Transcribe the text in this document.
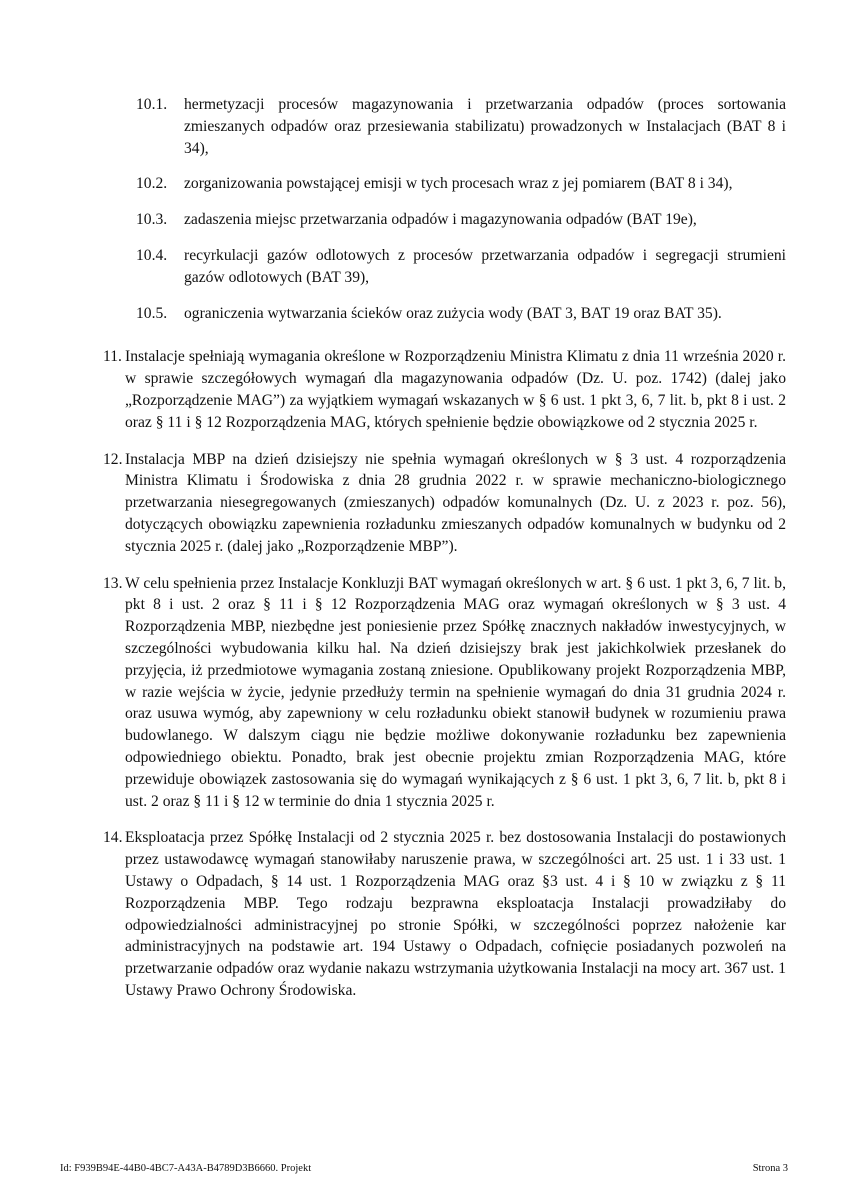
10.1. hermetyzacji procesów magazynowania i przetwarzania odpadów (proces sortowania zmieszanych odpadów oraz przesiewania stabilizatu) prowadzonych w Instalacjach (BAT 8 i 34),
10.2. zorganizowania powstającej emisji w tych procesach wraz z jej pomiarem (BAT 8 i 34),
10.3. zadaszenia miejsc przetwarzania odpadów i magazynowania odpadów (BAT 19e),
10.4. recyrkulacji gazów odlotowych z procesów przetwarzania odpadów i segregacji strumieni gazów odlotowych (BAT 39),
10.5. ograniczenia wytwarzania ścieków oraz zużycia wody (BAT 3, BAT 19 oraz BAT 35).
11. Instalacje spełniają wymagania określone w Rozporządzeniu Ministra Klimatu z dnia 11 września 2020 r. w sprawie szczegółowych wymagań dla magazynowania odpadów (Dz. U. poz. 1742) (dalej jako „Rozporządzenie MAG”) za wyjątkiem wymagań wskazanych w § 6 ust. 1 pkt 3, 6, 7 lit. b, pkt 8 i ust. 2 oraz § 11 i § 12 Rozporządzenia MAG, których spełnienie będzie obowiązkowe od 2 stycznia 2025 r.
12. Instalacja MBP na dzień dzisiejszy nie spełnia wymagań określonych w § 3 ust. 4 rozporządzenia Ministra Klimatu i Środowiska z dnia 28 grudnia 2022 r. w sprawie mechaniczno-biologicznego przetwarzania niesegregowanych (zmieszanych) odpadów komunalnych (Dz. U. z 2023 r. poz. 56), dotyczących obowiązku zapewnienia rozładunku zmieszanych odpadów komunalnych w budynku od 2 stycznia 2025 r. (dalej jako „Rozporządzenie MBP”).
13. W celu spełnienia przez Instalacje Konkluzji BAT wymagań określonych w art. § 6 ust. 1 pkt 3, 6, 7 lit. b, pkt 8 i ust. 2 oraz § 11 i § 12 Rozporządzenia MAG oraz wymagań określonych w § 3 ust. 4 Rozporządzenia MBP, niezbędne jest poniesienie przez Spółkę znacznych nakładów inwestycyjnych, w szczególności wybudowania kilku hal. Na dzień dzisiejszy brak jest jakichkolwiek przesłanek do przyjęcia, iż przedmiotowe wymagania zostaną zniesione. Opublikowany projekt Rozporządzenia MBP, w razie wejścia w życie, jedynie przedłuży termin na spełnienie wymagań do dnia 31 grudnia 2024 r. oraz usuwa wymóg, aby zapewniony w celu rozładunku obiekt stanowił budynek w rozumieniu prawa budowlanego. W dalszym ciągu nie będzie możliwe dokonywanie rozładunku bez zapewnienia odpowiedniego obiektu. Ponadto, brak jest obecnie projektu zmian Rozporządzenia MAG, które przewiduje obowiązek zastosowania się do wymagań wynikających z § 6 ust. 1 pkt 3, 6, 7 lit. b, pkt 8 i ust. 2 oraz § 11 i § 12 w terminie do dnia 1 stycznia 2025 r.
14. Eksploatacja przez Spółkę Instalacji od 2 stycznia 2025 r. bez dostosowania Instalacji do postawionych przez ustawodawcę wymagań stanowiłaby naruszenie prawa, w szczególności art. 25 ust. 1 i 33 ust. 1 Ustawy o Odpadach, § 14 ust. 1 Rozporządzenia MAG oraz §3 ust. 4 i § 10 w związku z § 11 Rozporządzenia MBP. Tego rodzaju bezprawna eksploatacja Instalacji prowadziłaby do odpowiedzialności administracyjnej po stronie Spółki, w szczególności poprzez nałożenie kar administracyjnych na podstawie art. 194 Ustawy o Odpadach, cofnięcie posiadanych pozwoleń na przetwarzanie odpadów oraz wydanie nakazu wstrzymania użytkowania Instalacji na mocy art. 367 ust. 1 Ustawy Prawo Ochrony Środowiska.
Id: F939B94E-44B0-4BC7-A43A-B4789D3B6660. Projekt	Strona 3
